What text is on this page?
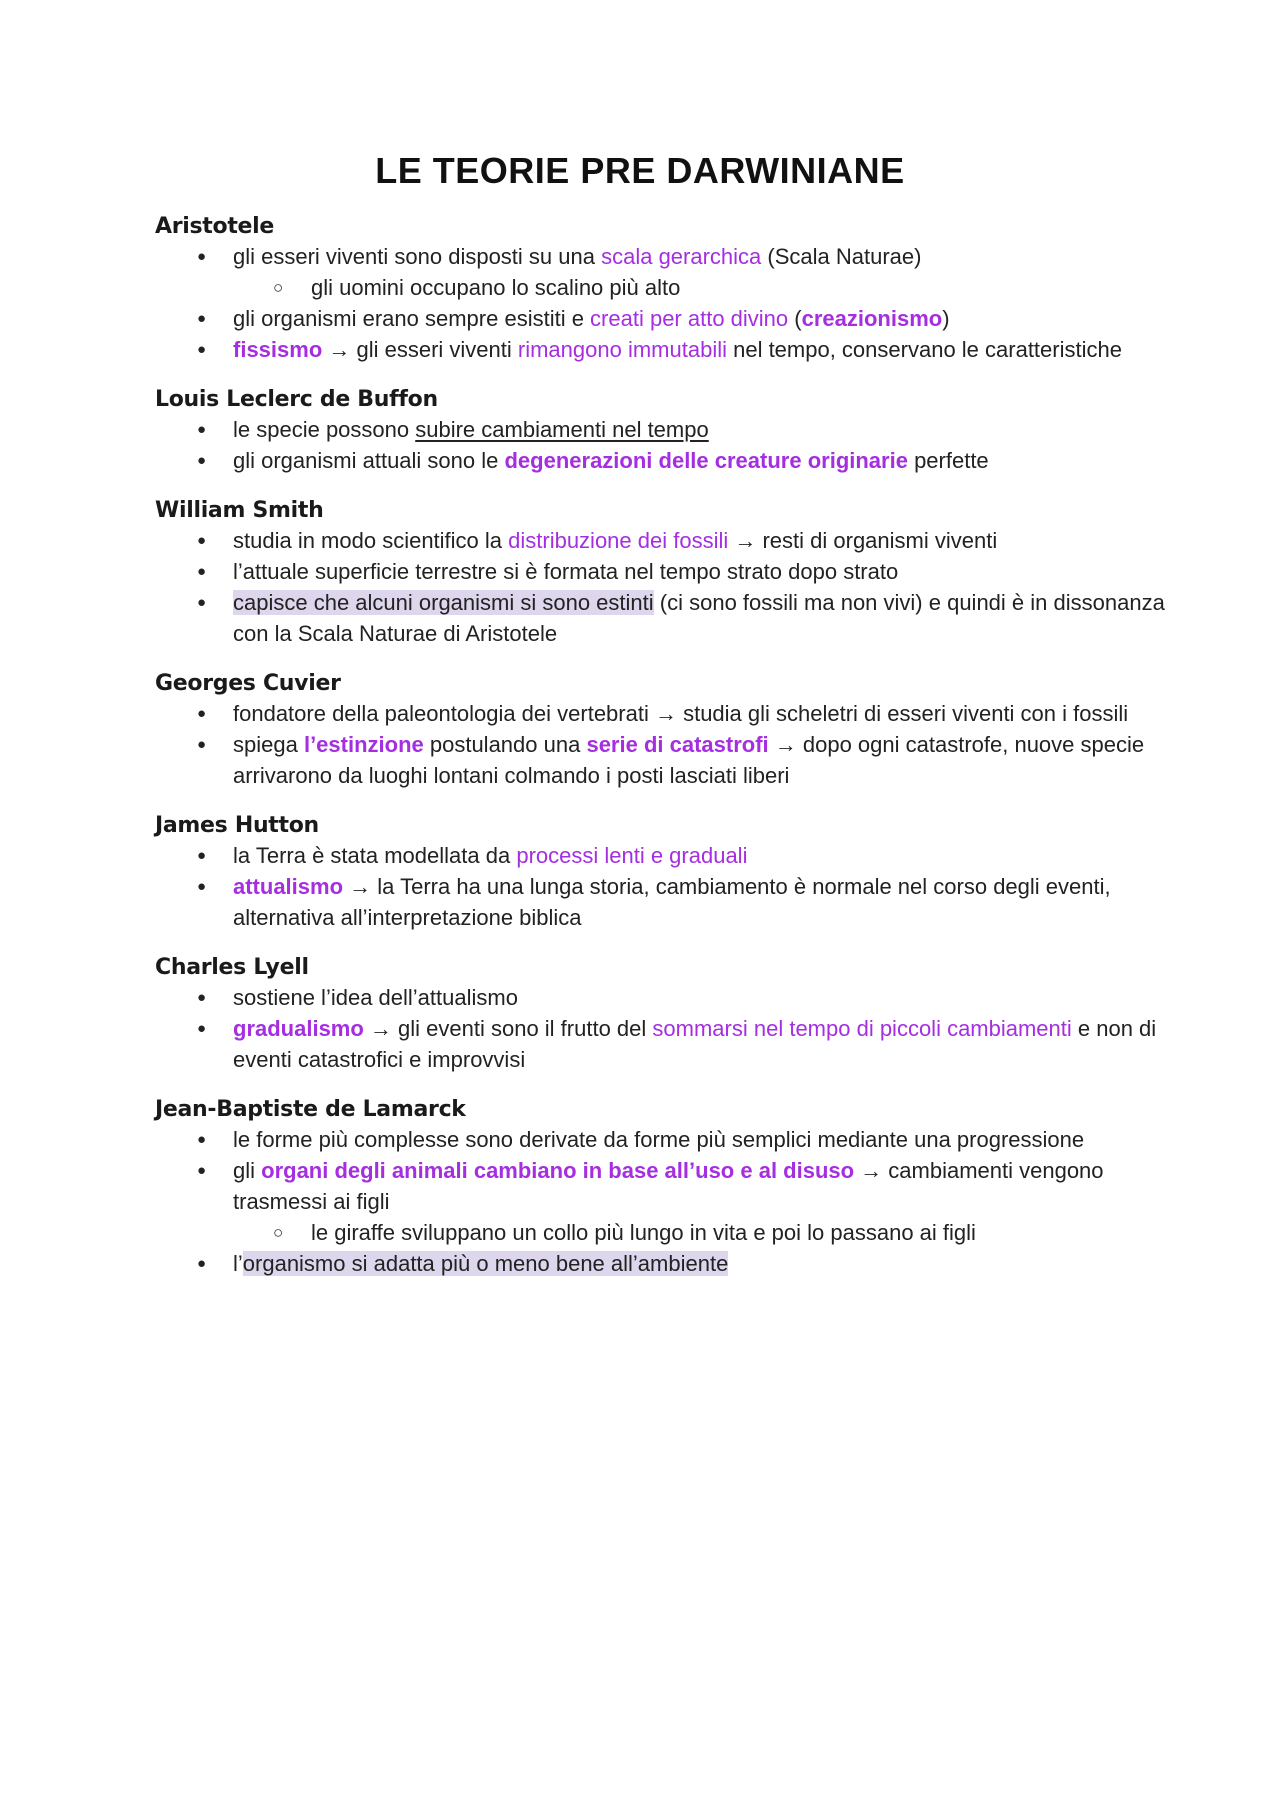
LE TEORIE PRE DARWINIANE
Aristotele
● gli esseri viventi sono disposti su una scala gerarchica (Scala Naturae)
○ gli uomini occupano lo scalino più alto
● gli organismi erano sempre esistiti e creati per atto divino (creazionismo)
● fissismo → gli esseri viventi rimangono immutabili nel tempo, conservano le caratteristiche
Louis Leclerc de Buffon
● le specie possono subire cambiamenti nel tempo
● gli organismi attuali sono le degenerazioni delle creature originarie perfette
William Smith
● studia in modo scientifico la distribuzione dei fossili → resti di organismi viventi
● l’attuale superficie terrestre si è formata nel tempo strato dopo strato
● capisce che alcuni organismi si sono estinti (ci sono fossili ma non vivi) e quindi è in dissonanza con la Scala Naturae di Aristotele
Georges Cuvier
● fondatore della paleontologia dei vertebrati → studia gli scheletri di esseri viventi con i fossili
● spiega l’estinzione postulando una serie di catastrofi → dopo ogni catastrofe, nuove specie arrivarono da luoghi lontani colmando i posti lasciati liberi
James Hutton
● la Terra è stata modellata da processi lenti e graduali
● attualismo → la Terra ha una lunga storia, cambiamento è normale nel corso degli eventi, alternativa all’interpretazione biblica
Charles Lyell
● sostiene l’idea dell’attualismo
● gradualismo → gli eventi sono il frutto del sommarsi nel tempo di piccoli cambiamenti e non di eventi catastrofici e improvvisi
Jean-Baptiste de Lamarck
● le forme più complesse sono derivate da forme più semplici mediante una progressione
● gli organi degli animali cambiano in base all’uso e al disuso → cambiamenti vengono trasmessi ai figli
○ le giraffe sviluppano un collo più lungo in vita e poi lo passano ai figli
● l’organismo si adatta più o meno bene all’ambiente
